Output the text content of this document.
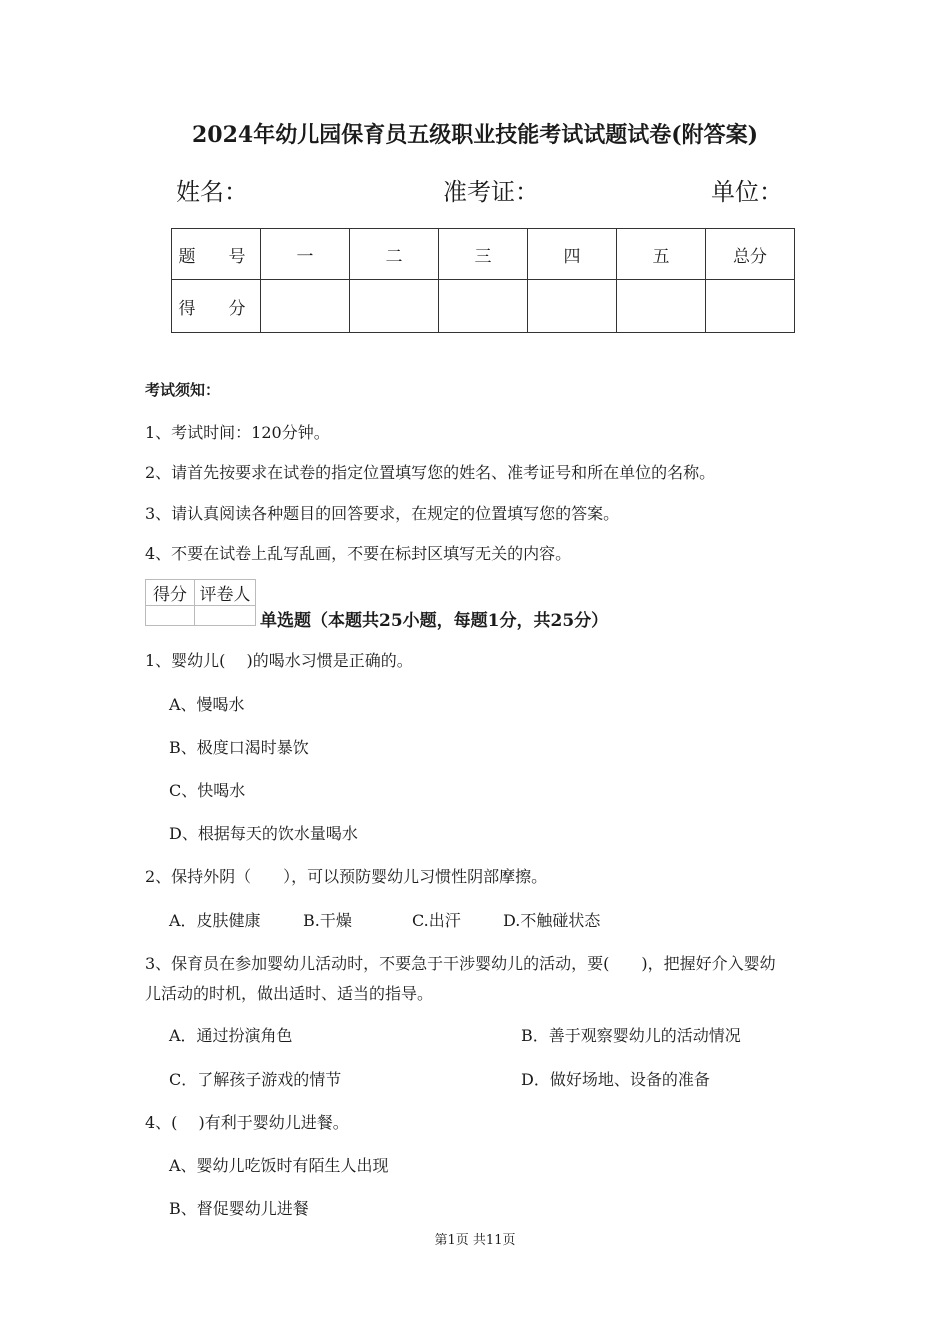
2024年幼儿园保育员五级职业技能考试试题试卷(附答案)
姓名：	准考证：	单位：
题　号	一	二	三	四	五	总分
得　分						
考试须知：
1、考试时间：120分钟。
2、请首先按要求在试卷的指定位置填写您的姓名、准考证号和所在单位的名称。
3、请认真阅读各种题目的回答要求，在规定的位置填写您的答案。
4、不要在试卷上乱写乱画，不要在标封区填写无关的内容。
得分	评卷人

单选题（本题共25小题，每题1分，共25分）
1、婴幼儿(　 )的喝水习惯是正确的。
A、慢喝水
B、极度口渴时暴饮
C、快喝水
D、根据每天的饮水量喝水
2、保持外阴（　　），可以预防婴幼儿习惯性阴部摩擦。
A．皮肤健康	B.干燥	C.出汗	D.不触碰状态
3、保育员在参加婴幼儿活动时，不要急于干涉婴幼儿的活动，要(　　)，把握好介入婴幼
儿活动的时机，做出适时、适当的指导。
A．通过扮演角色	B．善于观察婴幼儿的活动情况
C．了解孩子游戏的情节	D．做好场地、设备的准备
4、(　 )有利于婴幼儿进餐。
A、婴幼儿吃饭时有陌生人出现
B、督促婴幼儿进餐
第1页 共11页
